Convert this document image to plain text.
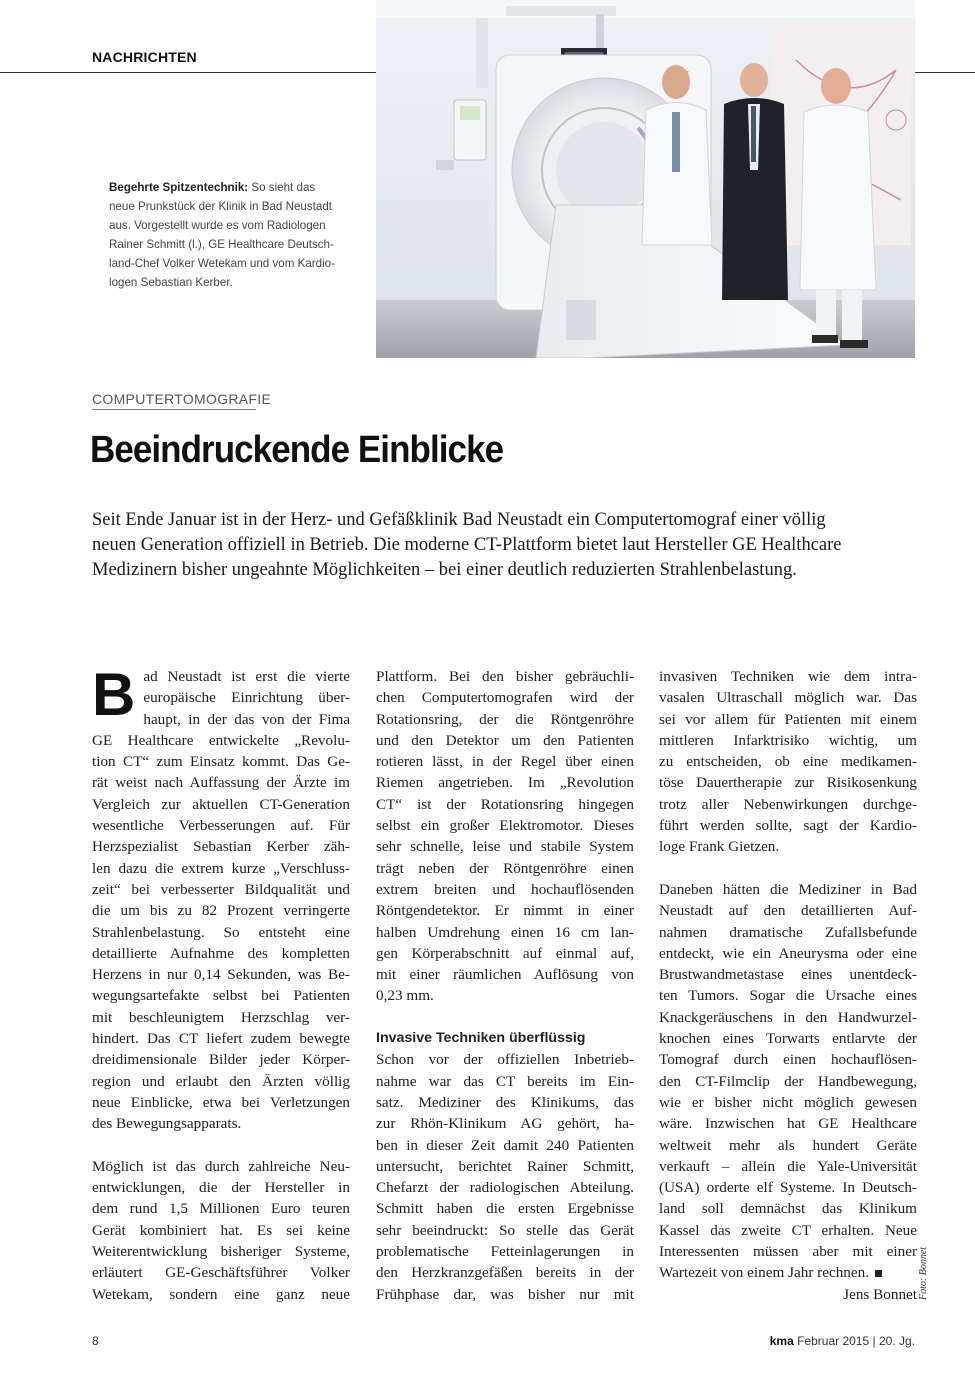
NACHRICHTEN
Begehrte Spitzentechnik: So sieht das
neue Prunkstück der Klinik in Bad Neustadt
aus. Vorgestellt wurde es vom Radiologen
Rainer Schmitt (l.), GE Healthcare Deutsch-
land-Chef Volker Wetekam und vom Kardio-
logen Sebastian Kerber.
COMPUTERTOMOGRAFIE
Beeindruckende Einblicke
Seit Ende Januar ist in der Herz- und Gefäßklinik Bad Neustadt ein Computertomograf einer völlig
neuen Generation offiziell in Betrieb. Die moderne CT-Plattform bietet laut Hersteller GE Healthcare
Medizinern bisher ungeahnte Möglichkeiten – bei einer deutlich reduzierten Strahlenbelastung.
B ad Neustadt ist erst die vierte
europäische Einrichtung über-
haupt, in der das von der Fima
GE Healthcare entwickelte „Revolu-
tion CT“ zum Einsatz kommt. Das Ge-
rät weist nach Auffassung der Ärzte im
Vergleich zur aktuellen CT-Generation
wesentliche Verbesserungen auf. Für
Herzspezialist Sebastian Kerber zäh-
len dazu die extrem kurze „Verschluss-
zeit“ bei verbesserter Bildqualität und
die um bis zu 82 Prozent verringerte
Strahlenbelastung. So entsteht eine
detaillierte Aufnahme des kompletten
Herzens in nur 0,14 Sekunden, was Be-
wegungsartefakte selbst bei Patienten
mit beschleunigtem Herzschlag ver-
hindert. Das CT liefert zudem bewegte
dreidimensionale Bilder jeder Körper-
region und erlaubt den Ärzten völlig
neue Einblicke, etwa bei Verletzungen
des Bewegungsapparats.
Möglich ist das durch zahlreiche Neu-
entwicklungen, die der Hersteller in
dem rund 1,5 Millionen Euro teuren
Gerät kombiniert hat. Es sei keine
Weiterentwicklung bisheriger Systeme,
erläutert GE-Geschäftsführer Volker
Wetekam, sondern eine ganz neue
Plattform. Bei den bisher gebräuchli-
chen Computertomografen wird der
Rotationsring, der die Röntgenröhre
und den Detektor um den Patienten
rotieren lässt, in der Regel über einen
Riemen angetrieben. Im „Revolution
CT“ ist der Rotationsring hingegen
selbst ein großer Elektromotor. Dieses
sehr schnelle, leise und stabile System
trägt neben der Röntgenröhre einen
extrem breiten und hochauflösenden
Röntgendetektor. Er nimmt in einer
halben Umdrehung einen 16 cm lan-
gen Körperabschnitt auf einmal auf,
mit einer räumlichen Auflösung von
0,23 mm.
Invasive Techniken überflüssig
Schon vor der offiziellen Inbetrieb-
nahme war das CT bereits im Ein-
satz. Mediziner des Klinikums, das
zur Rhön-Klinikum AG gehört, ha-
ben in dieser Zeit damit 240 Patienten
untersucht, berichtet Rainer Schmitt,
Chefarzt der radiologischen Abteilung.
Schmitt haben die ersten Ergebnisse
sehr beeindruckt: So stelle das Gerät
problematische Fetteinlagerungen in
den Herzkranzgefäßen bereits in der
Frühphase dar, was bisher nur mit
invasiven Techniken wie dem intra-
vasalen Ultraschall möglich war. Das
sei vor allem für Patienten mit einem
mittleren Infarktrisiko wichtig, um
zu entscheiden, ob eine medikamen-
töse Dauertherapie zur Risikosenkung
trotz aller Nebenwirkungen durchge-
führt werden sollte, sagt der Kardio-
loge Frank Gietzen.
Daneben hätten die Mediziner in Bad
Neustadt auf den detaillierten Auf-
nahmen dramatische Zufallsbefunde
entdeckt, wie ein Aneurysma oder eine
Brustwandmetastase eines unentdeck-
ten Tumors. Sogar die Ursache eines
Knackgeräuschens in den Handwurzel-
knochen eines Torwarts entlarvte der
Tomograf durch einen hochauflösen-
den CT-Filmclip der Handbewegung,
wie er bisher nicht möglich gewesen
wäre. Inzwischen hat GE Healthcare
weltweit mehr als hundert Geräte
verkauft – allein die Yale-Universität
(USA) orderte elf Systeme. In Deutsch-
land soll demnächst das Klinikum
Kassel das zweite CT erhalten. Neue
Interessenten müssen aber mit einer
Wartezeit von einem Jahr rechnen.
Jens Bonnet Foto: Bonnet
8	kma Februar 2015 | 20. Jg.
